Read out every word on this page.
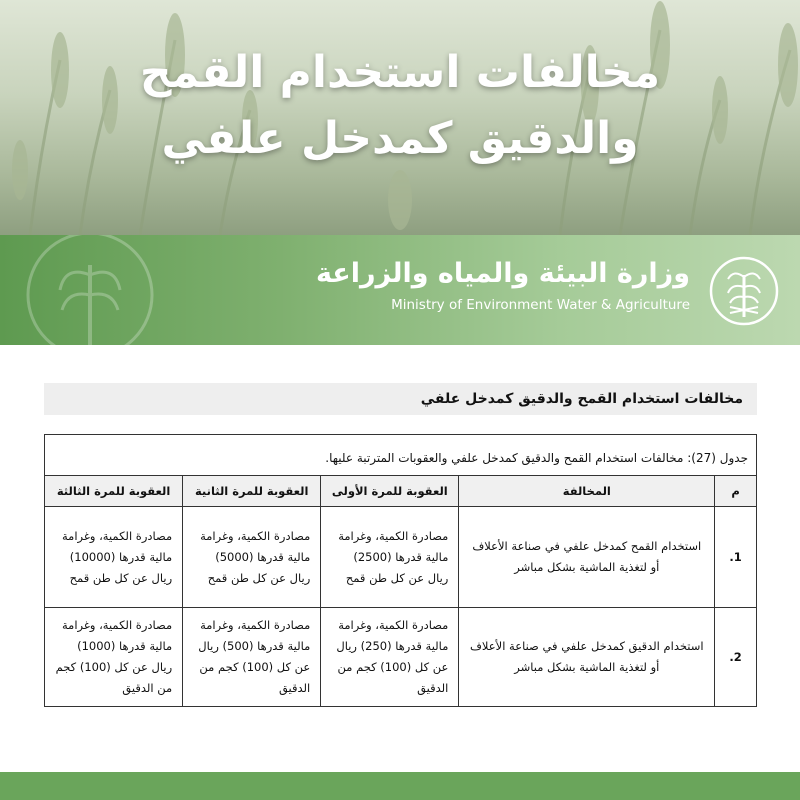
مخالفات استخدام القمح
والدقيق كمدخل علفي
وزارة البيئة والمياه والزراعة
Ministry of Environment Water & Agriculture
مخالفات استخدام القمح والدقيق كمدخل علفي
جدول (27): مخالفات استخدام القمح والدقيق كمدخل علفي والعقوبات المترتبة عليها.				

م	المخالفة	العقوبة للمرة الأولى	العقوبة للمرة الثانية	العقوبة للمرة الثالثة

1.	استخدام القمح كمدخل علفي في صناعة الأعلاف أو لتغذية الماشية بشكل مباشر	مصادرة الكمية، وغرامة مالية قدرها (2500) ريال عن كل طن قمح	مصادرة الكمية، وغرامة مالية قدرها (5000) ريال عن كل طن قمح	مصادرة الكمية، وغرامة مالية قدرها (10000) ريال عن كل طن قمح
2.	استخدام الدقيق كمدخل علفي في صناعة الأعلاف أو لتغذية الماشية بشكل مباشر	مصادرة الكمية، وغرامة مالية قدرها (250) ريال عن كل (100) كجم من الدقيق	مصادرة الكمية، وغرامة مالية قدرها (500) ريال عن كل (100) كجم من الدقيق	مصادرة الكمية، وغرامة مالية قدرها (1000) ريال عن كل (100) كجم من الدقيق
